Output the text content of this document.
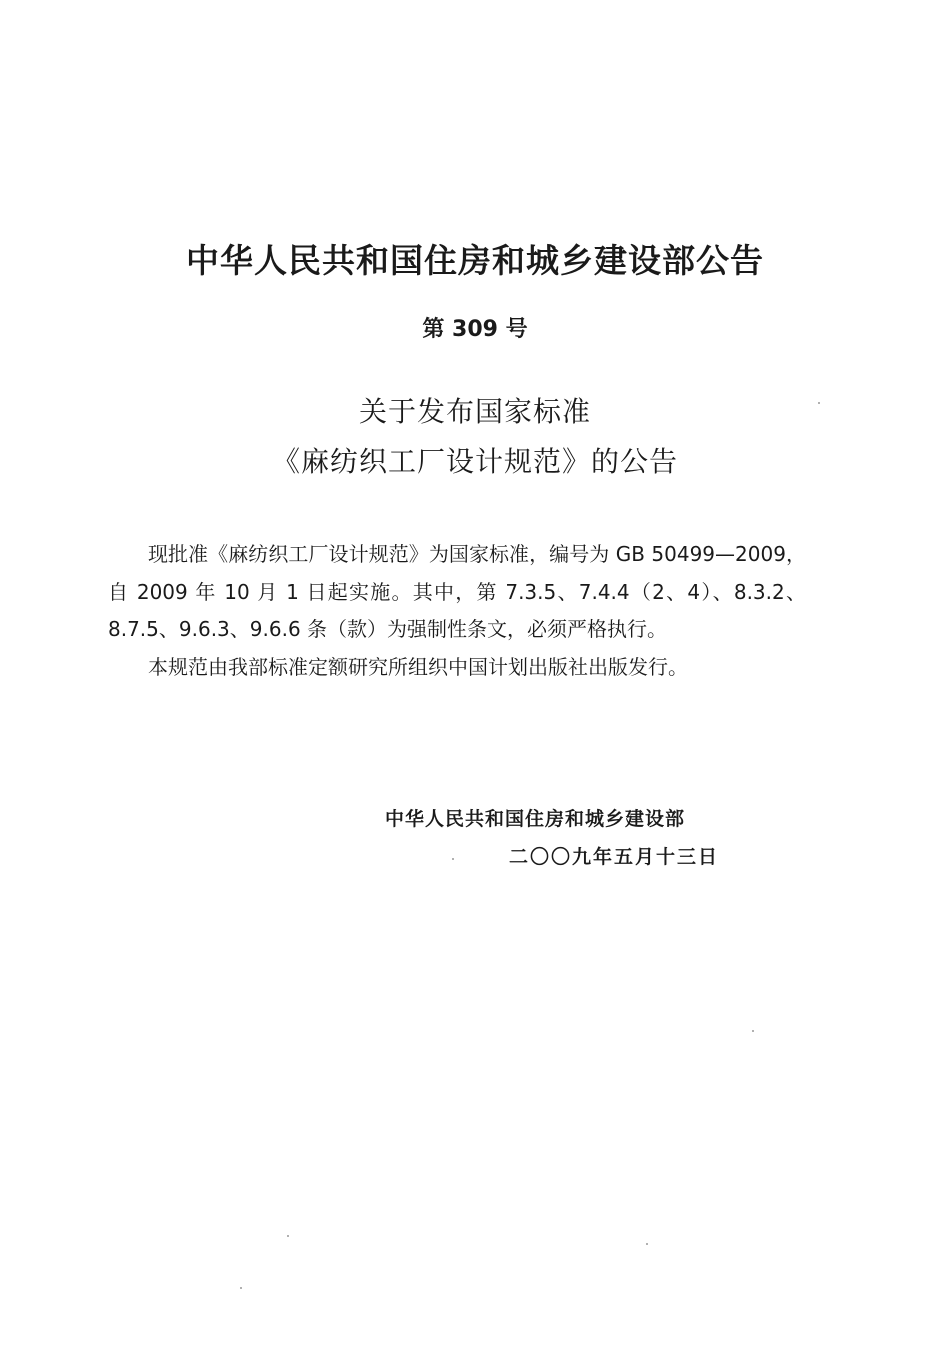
中华人民共和国住房和城乡建设部公告
第 309 号
关于发布国家标准
《麻纺织工厂设计规范》的公告

现批准《麻纺织工厂设计规范》为国家标准，编号为 GB 50499—2009，自 2009 年 10 月 1 日起实施。其中，第 7.3.5、7.4.4（2、4）、8.3.2、8.7.5、9.6.3、9.6.6 条（款）为强制性条文，必须严格执行。

本规范由我部标准定额研究所组织中国计划出版社出版发行。

中华人民共和国住房和城乡建设部
二〇〇九年五月十三日
